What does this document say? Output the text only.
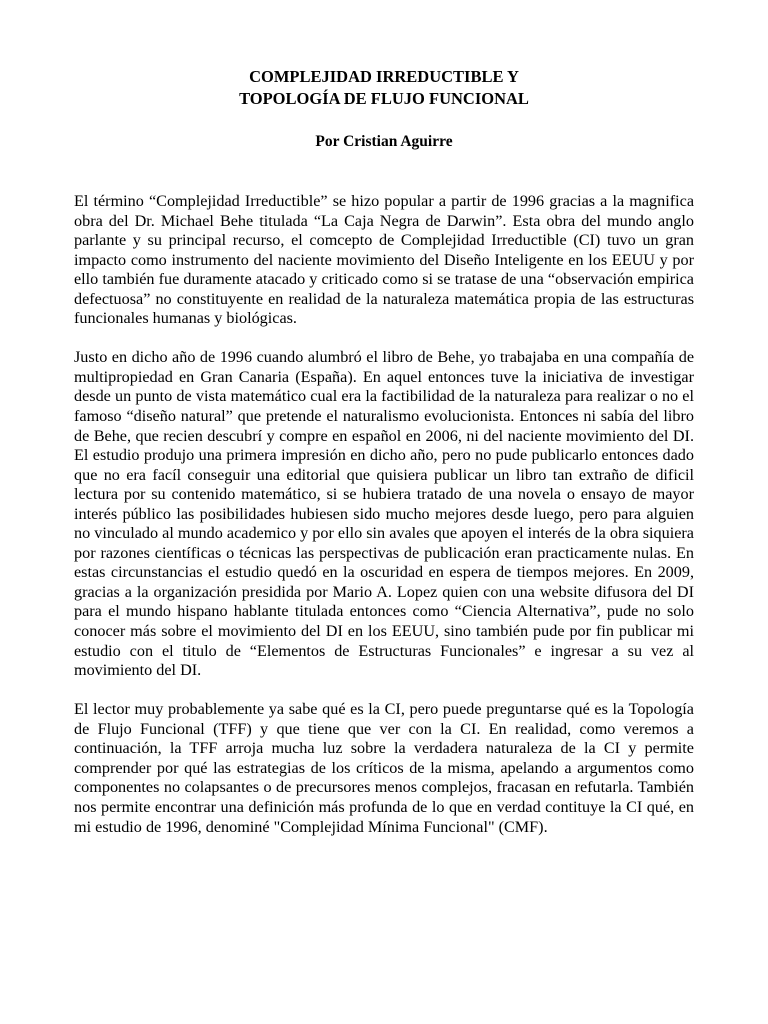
COMPLEJIDAD IRREDUCTIBLE Y
TOPOLOGÍA DE FLUJO FUNCIONAL

Por Cristian Aguirre

El término “Complejidad Irreductible” se hizo popular a partir de 1996 gracias a la magnifica obra del Dr. Michael Behe titulada “La Caja Negra de Darwin”. Esta obra del mundo anglo parlante y su principal recurso, el comcepto de Complejidad Irreductible (CI) tuvo un gran impacto como instrumento del naciente movimiento del Diseño Inteligente en los EEUU y por ello también fue duramente atacado y criticado como si se tratase de una “observación empirica defectuosa” no constituyente en realidad de la naturaleza matemática propia de las estructuras funcionales humanas y biológicas.

Justo en dicho año de 1996 cuando alumbró el libro de Behe, yo trabajaba en una compañía de multipropiedad en Gran Canaria (España). En aquel entonces tuve la iniciativa de investigar desde un punto de vista matemático cual era la factibilidad de la naturaleza para realizar o no el famoso “diseño natural” que pretende el naturalismo evolucionista. Entonces ni sabía del libro de Behe, que recien descubrí y compre en español en 2006, ni del naciente movimiento del DI. El estudio produjo una primera impresión en dicho año, pero no pude publicarlo entonces dado que no era facíl conseguir una editorial que quisiera publicar un libro tan extraño de dificil lectura por su contenido matemático, si se hubiera tratado de una novela o ensayo de mayor interés público las posibilidades hubiesen sido mucho mejores desde luego, pero para alguien no vinculado al mundo academico y por ello sin avales que apoyen el interés de la obra siquiera por razones científicas o técnicas las perspectivas de publicación eran practicamente nulas. En estas circunstancias el estudio quedó en la oscuridad en espera de tiempos mejores. En 2009, gracias a la organización presidida por Mario A. Lopez quien con una website difusora del DI para el mundo hispano hablante titulada entonces como “Ciencia Alternativa”, pude no solo conocer más sobre el movimiento del DI en los EEUU, sino también pude por fin publicar mi estudio con el titulo de “Elementos de Estructuras Funcionales” e ingresar a su vez al movimiento del DI.

El lector muy probablemente ya sabe qué es la CI, pero puede preguntarse qué es la Topología de Flujo Funcional (TFF) y que tiene que ver con la CI. En realidad, como veremos a continuación, la TFF arroja mucha luz sobre la verdadera naturaleza de la CI y permite comprender por qué las estrategias de los críticos de la misma, apelando a argumentos como componentes no colapsantes o de precursores menos complejos, fracasan en refutarla. También nos permite encontrar una definición más profunda de lo que en verdad contituye la CI qué, en mi estudio de 1996, denominé "Complejidad Mínima Funcional" (CMF).
